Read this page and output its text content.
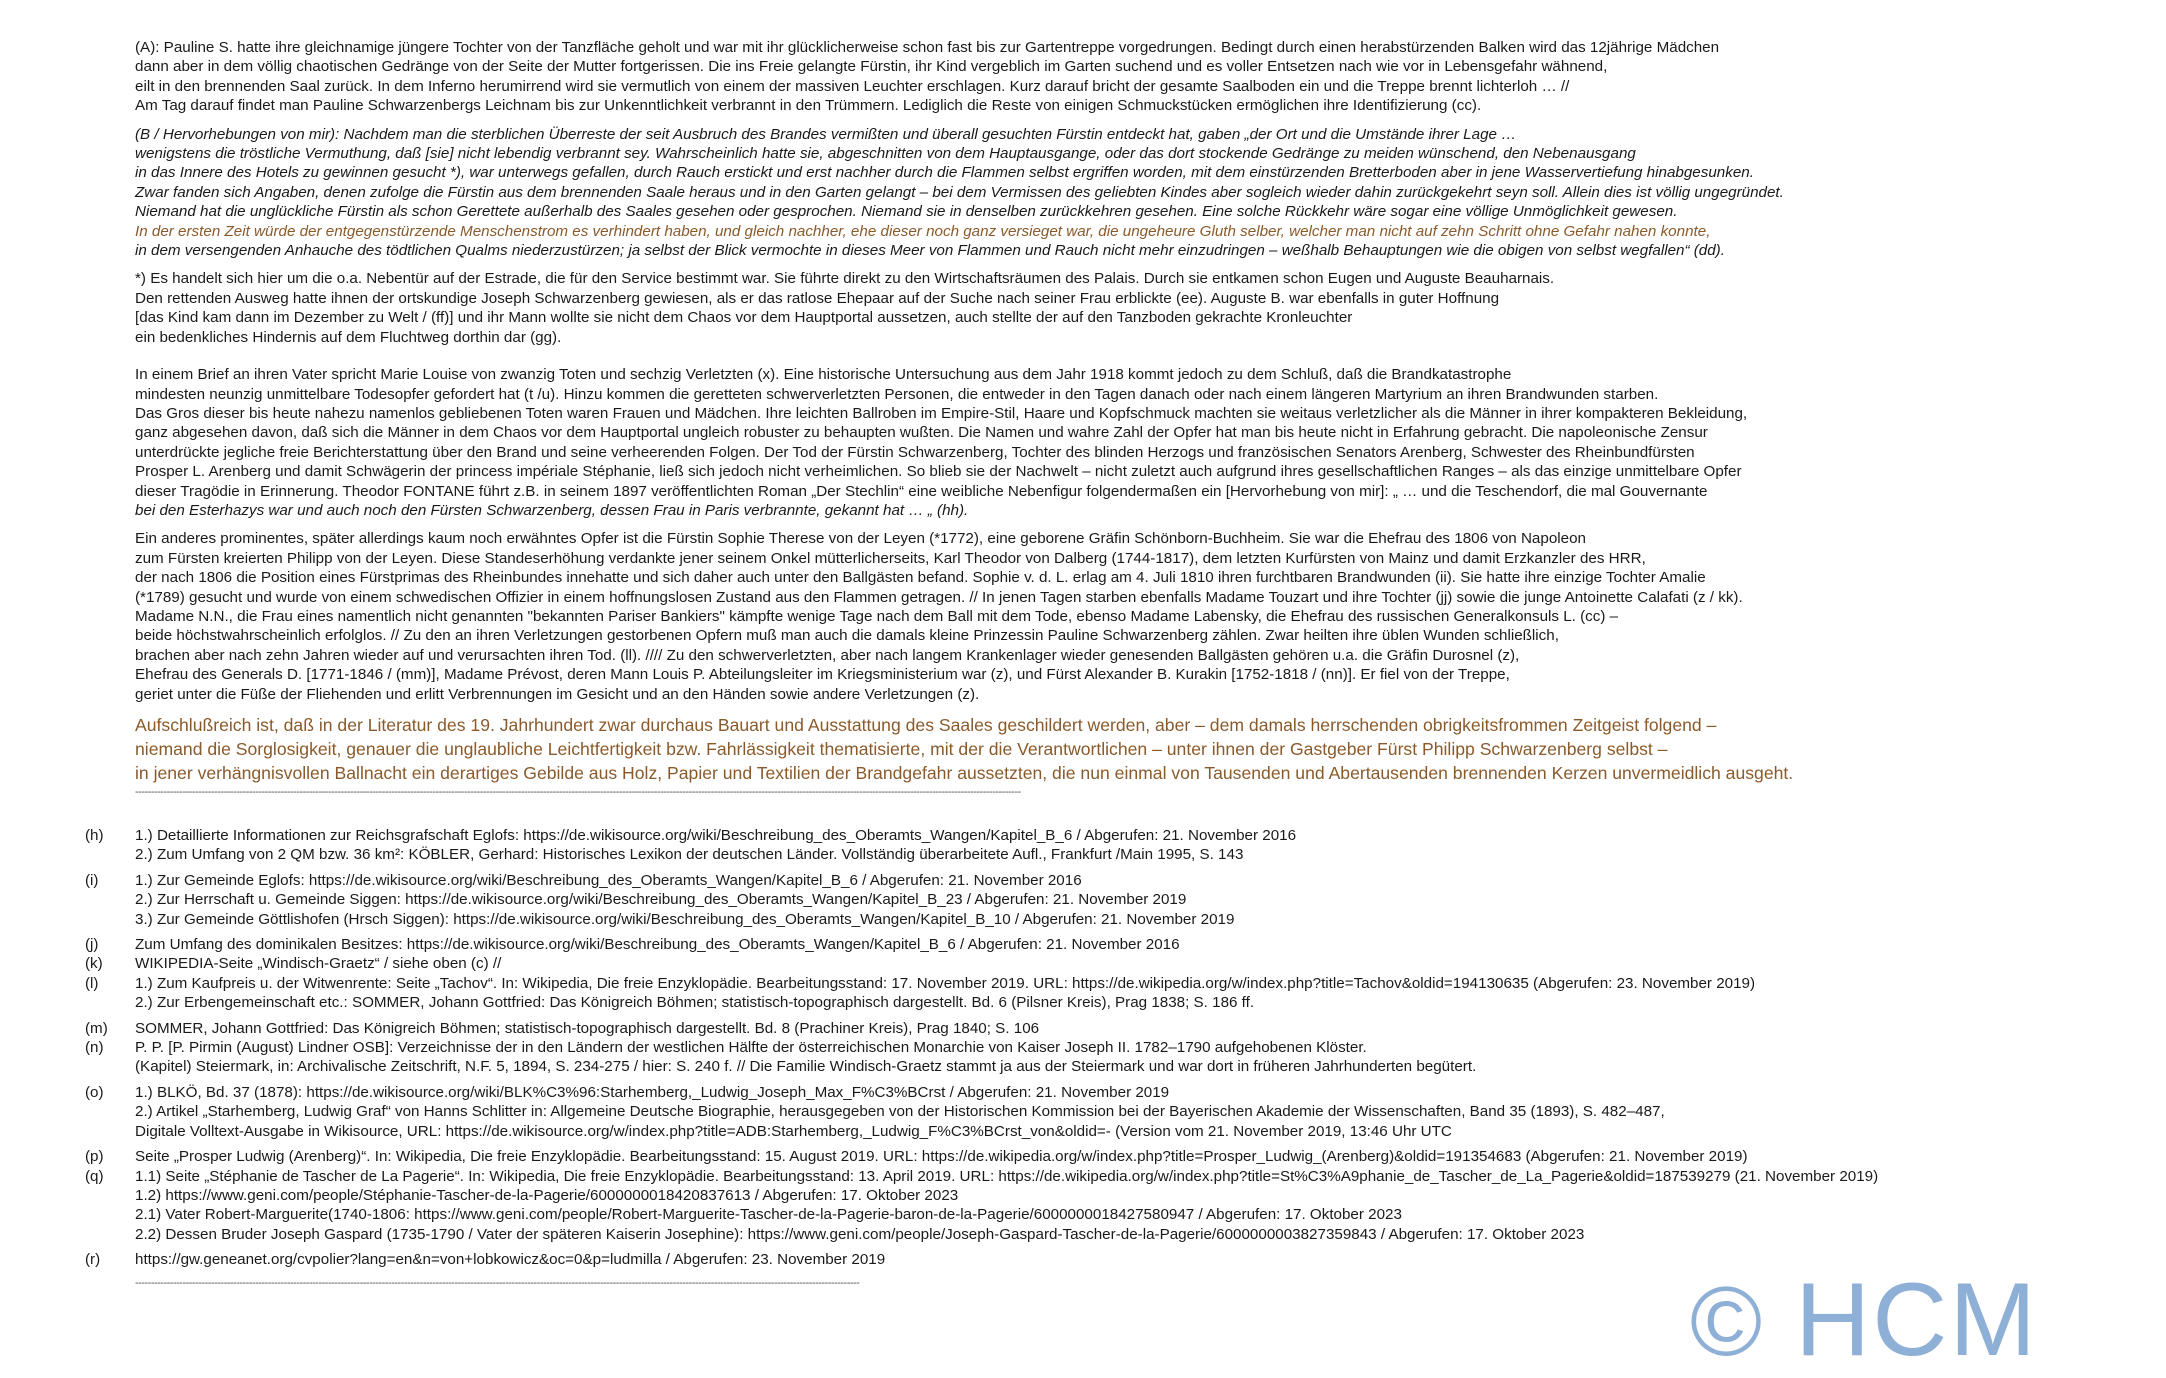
(A): Pauline S. hatte ihre gleichnamige jüngere Tochter von der Tanzfläche geholt und war mit ihr glücklicherweise schon fast bis zur Gartentreppe vorgedrungen. Bedingt durch einen herabstürzenden Balken wird das 12jährige Mädchen
dann aber in dem völlig chaotischen Gedränge von der Seite der Mutter fortgerissen. Die ins Freie gelangte Fürstin, ihr Kind vergeblich im Garten suchend und es voller Entsetzen nach wie vor in Lebensgefahr wähnend,
eilt in den brennenden Saal zurück. In dem Inferno herumirrend wird sie vermutlich von einem der massiven Leuchter erschlagen. Kurz darauf bricht der gesamte Saalboden ein und die Treppe brennt lichterloh … //
Am Tag darauf findet man Pauline Schwarzenbergs Leichnam bis zur Unkenntlichkeit verbrannt in den Trümmern. Lediglich die Reste von einigen Schmuckstücken ermöglichen ihre Identifizierung (cc).
(B / Hervorhebungen von mir): Nachdem man die sterblichen Überreste der seit Ausbruch des Brandes vermißten und überall gesuchten Fürstin entdeckt hat, gaben „der Ort und die Umstände ihrer Lage …
wenigstens die tröstliche Vermuthung, daß [sie] nicht lebendig verbrannt sey. Wahrscheinlich hatte sie, abgeschnitten von dem Hauptausgange, oder das dort stockende Gedränge zu meiden wünschend, den Nebenausgang
in das Innere des Hotels zu gewinnen gesucht *), war unterwegs gefallen, durch Rauch erstickt und erst nachher durch die Flammen selbst ergriffen worden, mit dem einstürzenden Bretterboden aber in jene Wasservertiefung hinabgesunken.
Zwar fanden sich Angaben, denen zufolge die Fürstin aus dem brennenden Saale heraus und in den Garten gelangt – bei dem Vermissen des geliebten Kindes aber sogleich wieder dahin zurückgekehrt seyn soll. Allein dies ist völlig ungegründet.
Niemand hat die unglückliche Fürstin als schon Gerettete außerhalb des Saales gesehen oder gesprochen. Niemand sie in denselben zurückkehren gesehen. Eine solche Rückkehr wäre sogar eine völlige Unmöglichkeit gewesen.
In der ersten Zeit würde der entgegenstürzende Menschenstrom es verhindert haben, und gleich nachher, ehe dieser noch ganz versieget war, die ungeheure Gluth selber, welcher man nicht auf zehn Schritt ohne Gefahr nahen konnte,
in dem versengenden Anhauche des tödtlichen Qualms niederzustürzen; ja selbst der Blick vermochte in dieses Meer von Flammen und Rauch nicht mehr einzudringen – weßhalb Behauptungen wie die obigen von selbst wegfallen“ (dd).
*) Es handelt sich hier um die o.a. Nebentür auf der Estrade, die für den Service bestimmt war. Sie führte direkt zu den Wirtschaftsräumen des Palais. Durch sie entkamen schon Eugen und Auguste Beauharnais.
Den rettenden Ausweg hatte ihnen der ortskundige Joseph Schwarzenberg gewiesen, als er das ratlose Ehepaar auf der Suche nach seiner Frau erblickte (ee). Auguste B. war ebenfalls in guter Hoffnung
[das Kind kam dann im Dezember zu Welt / (ff)] und ihr Mann wollte sie nicht dem Chaos vor dem Hauptportal aussetzen, auch stellte der auf den Tanzboden gekrachte Kronleuchter
ein bedenkliches Hindernis auf dem Fluchtweg dorthin dar (gg).
In einem Brief an ihren Vater spricht Marie Louise von zwanzig Toten und sechzig Verletzten (x). Eine historische Untersuchung aus dem Jahr 1918 kommt jedoch zu dem Schluß, daß die Brandkatastrophe
mindesten neunzig unmittelbare Todesopfer gefordert hat (t /u). Hinzu kommen die geretteten schwerverletzten Personen, die entweder in den Tagen danach oder nach einem längeren Martyrium an ihren Brandwunden starben.
Das Gros dieser bis heute nahezu namenlos gebliebenen Toten waren Frauen und Mädchen. Ihre leichten Ballroben im Empire-Stil, Haare und Kopfschmuck machten sie weitaus verletzlicher als die Männer in ihrer kompakteren Bekleidung,
ganz abgesehen davon, daß sich die Männer in dem Chaos vor dem Hauptportal ungleich robuster zu behaupten wußten. Die Namen und wahre Zahl der Opfer hat man bis heute nicht in Erfahrung gebracht. Die napoleonische Zensur
unterdrückte jegliche freie Berichterstattung über den Brand und seine verheerenden Folgen. Der Tod der Fürstin Schwarzenberg, Tochter des blinden Herzogs und französischen Senators Arenberg, Schwester des Rheinbundfürsten
Prosper L. Arenberg und damit Schwägerin der princess impériale Stéphanie, ließ sich jedoch nicht verheimlichen. So blieb sie der Nachwelt – nicht zuletzt auch aufgrund ihres gesellschaftlichen Ranges – als das einzige unmittelbare Opfer
dieser Tragödie in Erinnerung. Theodor FONTANE führt z.B. in seinem 1897 veröffentlichten Roman „Der Stechlin“ eine weibliche Nebenfigur folgendermaßen ein [Hervorhebung von mir]: „ … und die Teschendorf, die mal Gouvernante
bei den Esterhazys war und auch noch den Fürsten Schwarzenberg, dessen Frau in Paris verbrannte, gekannt hat … „ (hh).
Ein anderes prominentes, später allerdings kaum noch erwähntes Opfer ist die Fürstin Sophie Therese von der Leyen (*1772), eine geborene Gräfin Schönborn-Buchheim. Sie war die Ehefrau des 1806 von Napoleon
zum Fürsten kreierten Philipp von der Leyen. Diese Standeserhöhung verdankte jener seinem Onkel mütterlicherseits, Karl Theodor von Dalberg (1744-1817), dem letzten Kurfürsten von Mainz und damit Erzkanzler des HRR,
der nach 1806 die Position eines Fürstprimas des Rheinbundes innehatte und sich daher auch unter den Ballgästen befand. Sophie v. d. L. erlag am 4. Juli 1810 ihren furchtbaren Brandwunden (ii). Sie hatte ihre einzige Tochter Amalie
(*1789) gesucht und wurde von einem schwedischen Offizier in einem hoffnungslosen Zustand aus den Flammen getragen. // In jenen Tagen starben ebenfalls Madame Touzart und ihre Tochter (jj) sowie die junge Antoinette Calafati (z / kk).
Madame N.N., die Frau eines namentlich nicht genannten "bekannten Pariser Bankiers" kämpfte wenige Tage nach dem Ball mit dem Tode, ebenso Madame Labensky, die Ehefrau des russischen Generalkonsuls L. (cc) –
beide höchstwahrscheinlich erfolglos. // Zu den an ihren Verletzungen gestorbenen Opfern muß man auch die damals kleine Prinzessin Pauline Schwarzenberg zählen. Zwar heilten ihre üblen Wunden schließlich,
brachen aber nach zehn Jahren wieder auf und verursachten ihren Tod. (ll). //// Zu den schwerverletzten, aber nach langem Krankenlager wieder genesenden Ballgästen gehören u.a. die Gräfin Durosnel (z),
Ehefrau des Generals D. [1771-1846 / (mm)], Madame Prévost, deren Mann Louis P. Abteilungsleiter im Kriegsministerium war (z), und Fürst Alexander B. Kurakin [1752-1818 / (nn)]. Er fiel von der Treppe,
geriet unter die Füße der Fliehenden und erlitt Verbrennungen im Gesicht und an den Händen sowie andere Verletzungen (z).
Aufschlußreich ist, daß in der Literatur des 19. Jahrhundert zwar durchaus Bauart und Ausstattung des Saales geschildert werden, aber – dem damals herrschenden obrigkeitsfrommen Zeitgeist folgend –
niemand die Sorglosigkeit, genauer die unglaubliche Leichtfertigkeit bzw. Fahrlässigkeit thematisierte, mit der die Verantwortlichen – unter ihnen der Gastgeber Fürst Philipp Schwarzenberg selbst –
in jener verhängnisvollen Ballnacht ein derartiges Gebilde aus Holz, Papier und Textilien der Brandgefahr aussetzten, die nun einmal von Tausenden und Abertausenden brennenden Kerzen unvermeidlich ausgeht.
----------------------------------------------------------------------------------------------------------------------------------------------------------------------------------------------------------------------------------------------------------------------------------------
(h)	1.) Detaillierte Informationen zur Reichsgrafschaft Eglofs: https://de.wikisource.org/wiki/Beschreibung_des_Oberamts_Wangen/Kapitel_B_6 / Abgerufen: 21. November 2016
2.) Zum Umfang von 2 QM bzw. 36 km²: KÖBLER, Gerhard: Historisches Lexikon der deutschen Länder. Vollständig überarbeitete Aufl., Frankfurt /Main 1995, S. 143
(i)	1.) Zur Gemeinde Eglofs: https://de.wikisource.org/wiki/Beschreibung_des_Oberamts_Wangen/Kapitel_B_6 / Abgerufen: 21. November 2016
2.) Zur Herrschaft u. Gemeinde Siggen: https://de.wikisource.org/wiki/Beschreibung_des_Oberamts_Wangen/Kapitel_B_23 / Abgerufen: 21. November 2019
3.) Zur Gemeinde Göttlishofen (Hrsch Siggen): https://de.wikisource.org/wiki/Beschreibung_des_Oberamts_Wangen/Kapitel_B_10 / Abgerufen: 21. November 2019
(j)	Zum Umfang des dominikalen Besitzes: https://de.wikisource.org/wiki/Beschreibung_des_Oberamts_Wangen/Kapitel_B_6 / Abgerufen: 21. November 2016
(k)	WIKIPEDIA-Seite „Windisch-Graetz“ / siehe oben (c) //
(l)	1.) Zum Kaufpreis u. der Witwenrente: Seite „Tachov“. In: Wikipedia, Die freie Enzyklopädie. Bearbeitungsstand: 17. November 2019. URL: https://de.wikipedia.org/w/index.php?title=Tachov&oldid=194130635 (Abgerufen: 23. November 2019)
2.) Zur Erbengemeinschaft etc.: SOMMER, Johann Gottfried: Das Königreich Böhmen; statistisch-topographisch dargestellt. Bd. 6 (Pilsner Kreis), Prag 1838; S. 186 ff.
(m)	SOMMER, Johann Gottfried: Das Königreich Böhmen; statistisch-topographisch dargestellt. Bd. 8 (Prachiner Kreis), Prag 1840; S. 106
(n)	P. P. [P. Pirmin (August) Lindner OSB]: Verzeichnisse der in den Ländern der westlichen Hälfte der österreichischen Monarchie von Kaiser Joseph II. 1782–1790 aufgehobenen Klöster.
(Kapitel) Steiermark, in: Archivalische Zeitschrift, N.F. 5, 1894, S. 234-275 / hier: S. 240 f. // Die Familie Windisch-Graetz stammt ja aus der Steiermark und war dort in früheren Jahrhunderten begütert.
(o)	1.) BLKÖ, Bd. 37 (1878): https://de.wikisource.org/wiki/BLK%C3%96:Starhemberg,_Ludwig_Joseph_Max_F%C3%BCrst / Abgerufen: 21. November 2019
2.) Artikel „Starhemberg, Ludwig Graf“ von Hanns Schlitter in: Allgemeine Deutsche Biographie, herausgegeben von der Historischen Kommission bei der Bayerischen Akademie der Wissenschaften, Band 35 (1893), S. 482–487,
Digitale Volltext-Ausgabe in Wikisource, URL: https://de.wikisource.org/w/index.php?title=ADB:Starhemberg,_Ludwig_F%C3%BCrst_von&oldid=- (Version vom 21. November 2019, 13:46 Uhr UTC
(p)	Seite „Prosper Ludwig (Arenberg)“. In: Wikipedia, Die freie Enzyklopädie. Bearbeitungsstand: 15. August 2019. URL: https://de.wikipedia.org/w/index.php?title=Prosper_Ludwig_(Arenberg)&oldid=191354683 (Abgerufen: 21. November 2019)
(q)	1.1) Seite „Stéphanie de Tascher de La Pagerie“. In: Wikipedia, Die freie Enzyklopädie. Bearbeitungsstand: 13. April 2019. URL: https://de.wikipedia.org/w/index.php?title=St%C3%A9phanie_de_Tascher_de_La_Pagerie&oldid=187539279 (21. November 2019)
1.2) https://www.geni.com/people/Stéphanie-Tascher-de-la-Pagerie/6000000018420837613 / Abgerufen: 17. Oktober 2023
2.1) Vater Robert-Marguerite(1740-1806: https://www.geni.com/people/Robert-Marguerite-Tascher-de-la-Pagerie-baron-de-la-Pagerie/6000000018427580947 / Abgerufen: 17. Oktober 2023
2.2) Dessen Bruder Joseph Gaspard (1735-1790 / Vater der späteren Kaiserin Josephine): https://www.geni.com/people/Joseph-Gaspard-Tascher-de-la-Pagerie/6000000003827359843 / Abgerufen: 17. Oktober 2023
(r)	https://gw.geneanet.org/cvpolier?lang=en&n=von+lobkowicz&oc=0&p=ludmilla / Abgerufen: 23. November 2019
-------------------------------------------------------------------------------------------------------------------------------------------------------------------------------------------------------------------------------------	© HCM
